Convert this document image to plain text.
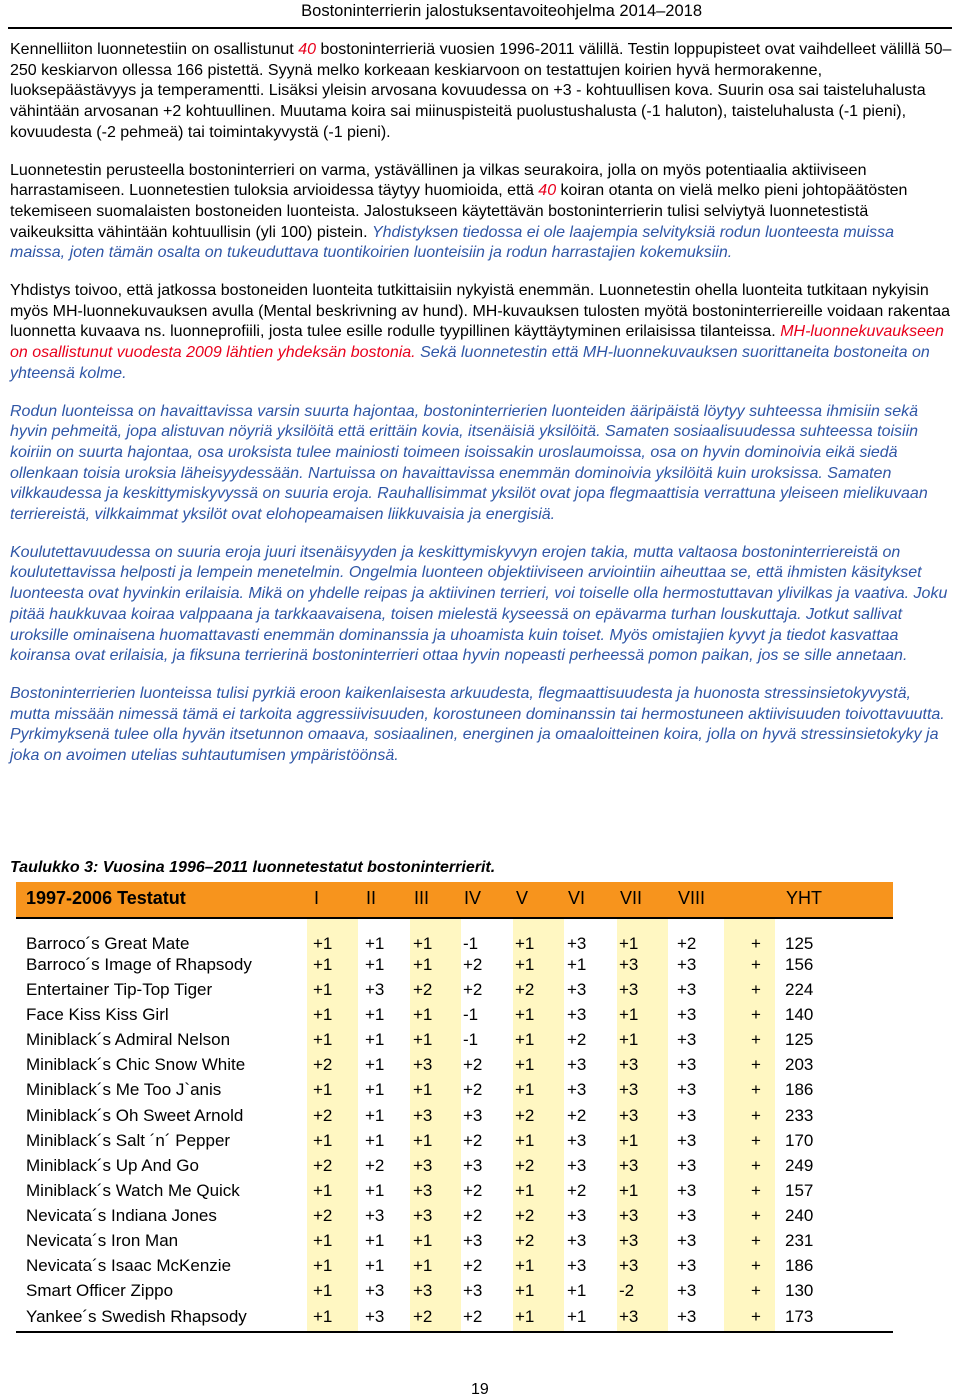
Bostoninterrierin jalostuksentavoiteohjelma 2014–2018

Kennelliiton luonnetestiin on osallistunut 40 bostoninterrieriä vuosien 1996-2011 välillä. Testin loppupisteet ovat vaihdelleet välillä 50–250 keskiarvon ollessa 166 pistettä. Syynä melko korkeaan keskiarvoon on testattujen koirien hyvä hermorakenne, luoksepäästävyys ja temperamentti. Lisäksi yleisin arvosana kovuudessa on +3 - kohtuullisen kova. Suurin osa sai taisteluhalusta vähintään arvosanan +2 kohtuullinen. Muutama koira sai miinuspisteitä puolustushalusta (-1 haluton), taisteluhalusta (-1 pieni), kovuudesta (-2 pehmeä) tai toimintakyvystä (-1 pieni).

Luonnetestin perusteella bostoninterrieri on varma, ystävällinen ja vilkas seurakoira, jolla on myös potentiaalia aktiiviseen harrastamiseen. Luonnetestien tuloksia arvioidessa täytyy huomioida, että 40 koiran otanta on vielä melko pieni johtopäätösten tekemiseen suomalaisten bostoneiden luonteista. Jalostukseen käytettävän bostoninterrierin tulisi selviytyä luonnetestistä vaikeuksitta vähintään kohtuullisin (yli 100) pistein. Yhdistyksen tiedossa ei ole laajempia selvityksiä rodun luonteesta muissa maissa, joten tämän osalta on tukeuduttava tuontikoirien luonteisiin ja rodun harrastajien kokemuksiin.

Yhdistys toivoo, että jatkossa bostoneiden luonteita tutkittaisiin nykyistä enemmän. Luonnetestin ohella luonteita tutkitaan nykyisin myös MH-luonnekuvauksen avulla (Mental beskrivning av hund). MH-kuvauksen tulosten myötä bostoninterriereille voidaan rakentaa luonnetta kuvaava ns. luonneprofiili, josta tulee esille rodulle tyypillinen käyttäytyminen erilaisissa tilanteissa. MH-luonnekuvaukseen on osallistunut vuodesta 2009 lähtien yhdeksän bostonia. Sekä luonnetestin että MH-luonnekuvauksen suorittaneita bostoneita on yhteensä kolme.

Rodun luonteissa on havaittavissa varsin suurta hajontaa, bostoninterrierien luonteiden ääripäistä löytyy suhteessa ihmisiin sekä hyvin pehmeitä, jopa alistuvan nöyriä yksilöitä että erittäin kovia, itsenäisiä yksilöitä. Samaten sosiaalisuudessa suhteessa toisiin koiriin on suurta hajontaa, osa uroksista tulee mainiosti toimeen isoissakin uroslaumoissa, osa on hyvin dominoivia eikä siedä ollenkaan toisia uroksia läheisyydessään. Nartuissa on havaittavissa enemmän dominoivia yksilöitä kuin uroksissa. Samaten vilkkaudessa ja keskittymiskyvyssä on suuria eroja. Rauhallisimmat yksilöt ovat jopa flegmaattisia verrattuna yleiseen mielikuvaan terriereistä, vilkkaimmat yksilöt ovat elohopeamaisen liikkuvaisia ja energisiä.

Koulutettavuudessa on suuria eroja juuri itsenäisyyden ja keskittymiskyvyn erojen takia, mutta valtaosa bostoninterriereistä on koulutettavissa helposti ja lempein menetelmin. Ongelmia luonteen objektiiviseen arviointiin aiheuttaa se, että ihmisten käsitykset luonteesta ovat hyvinkin erilaisia. Mikä on yhdelle reipas ja aktiivinen terrieri, voi toiselle olla hermostuttavan ylivilkas ja vaativa. Joku pitää haukkuvaa koiraa valppaana ja tarkkaavaisena, toisen mielestä kyseessä on epävarma turhan louskuttaja. Jotkut sallivat uroksille ominaisena huomattavasti enemmän dominanssia ja uhoamista kuin toiset. Myös omistajien kyvyt ja tiedot kasvattaa koiransa ovat erilaisia, ja fiksuna terrierinä bostoninterrieri ottaa hyvin nopeasti perheessä pomon paikan, jos se sille annetaan.

Bostoninterrierien luonteissa tulisi pyrkiä eroon kaikenlaisesta arkuudesta, flegmaattisuudesta ja huonosta stressinsietokyvystä, mutta missään nimessä tämä ei tarkoita aggressiivisuuden, korostuneen dominanssin tai hermostuneen aktiivisuuden toivottavuutta. Pyrkimyksenä tulee olla hyvän itsetunnon omaava, sosiaalinen, energinen ja omaaloitteinen koira, jolla on hyvä stressinsietokyky ja joka on avoimen utelias suhtautumisen ympäristöönsä.

Taulukko 3: Vuosina 1996–2011 luonnetestatut bostoninterrierit.
1997-2006 Testatut	I	II III IV V VI VII VIII	YHT
Barroco´s Great Mate	+1 +1 +1 -1 +1 +3 +1 +2	+ 125
Barroco´s Image of Rhapsody	+1 +1 +1 +2 +1 +1 +3 +3	+ 156
Entertainer Tip-Top Tiger	+1 +3 +2 +2 +2 +3 +3 +3	+ 224
Face Kiss Kiss Girl	+1 +1 +1 -1 +1 +3 +1 +3	+ 140
Miniblack´s Admiral Nelson	+1 +1 +1 -1 +1 +2 +1 +3	+ 125
Miniblack´s Chic Snow White	+2 +1 +3 +2 +1 +3 +3 +3	+ 203
Miniblack´s Me Too J`anis	+1 +1 +1 +2 +1 +3 +3 +3	+ 186
Miniblack´s Oh Sweet Arnold	+2 +1 +3 +3 +2 +2 +3 +3	+ 233
Miniblack´s Salt ´n´ Pepper	+1 +1 +1 +2 +1 +3 +1 +3	+ 170
Miniblack´s Up And Go	+2 +2 +3 +3 +2 +3 +3 +3	+ 249
Miniblack´s Watch Me Quick	+1 +1 +3 +2 +1 +2 +1 +3	+ 157
Nevicata´s Indiana Jones	+2 +3 +3 +2 +2 +3 +3 +3	+ 240
Nevicata´s Iron Man	+1 +1 +1 +3 +2 +3 +3 +3	+ 231
Nevicata´s Isaac McKenzie	+1 +1 +1 +2 +1 +3 +3 +3	+ 186
Smart Officer Zippo	+1 +3 +3 +3 +1 +1 -2	+3	+ 130
Yankee´s Swedish Rhapsody	+1 +3 +2 +2 +1 +1 +3 +3	+ 173
19
